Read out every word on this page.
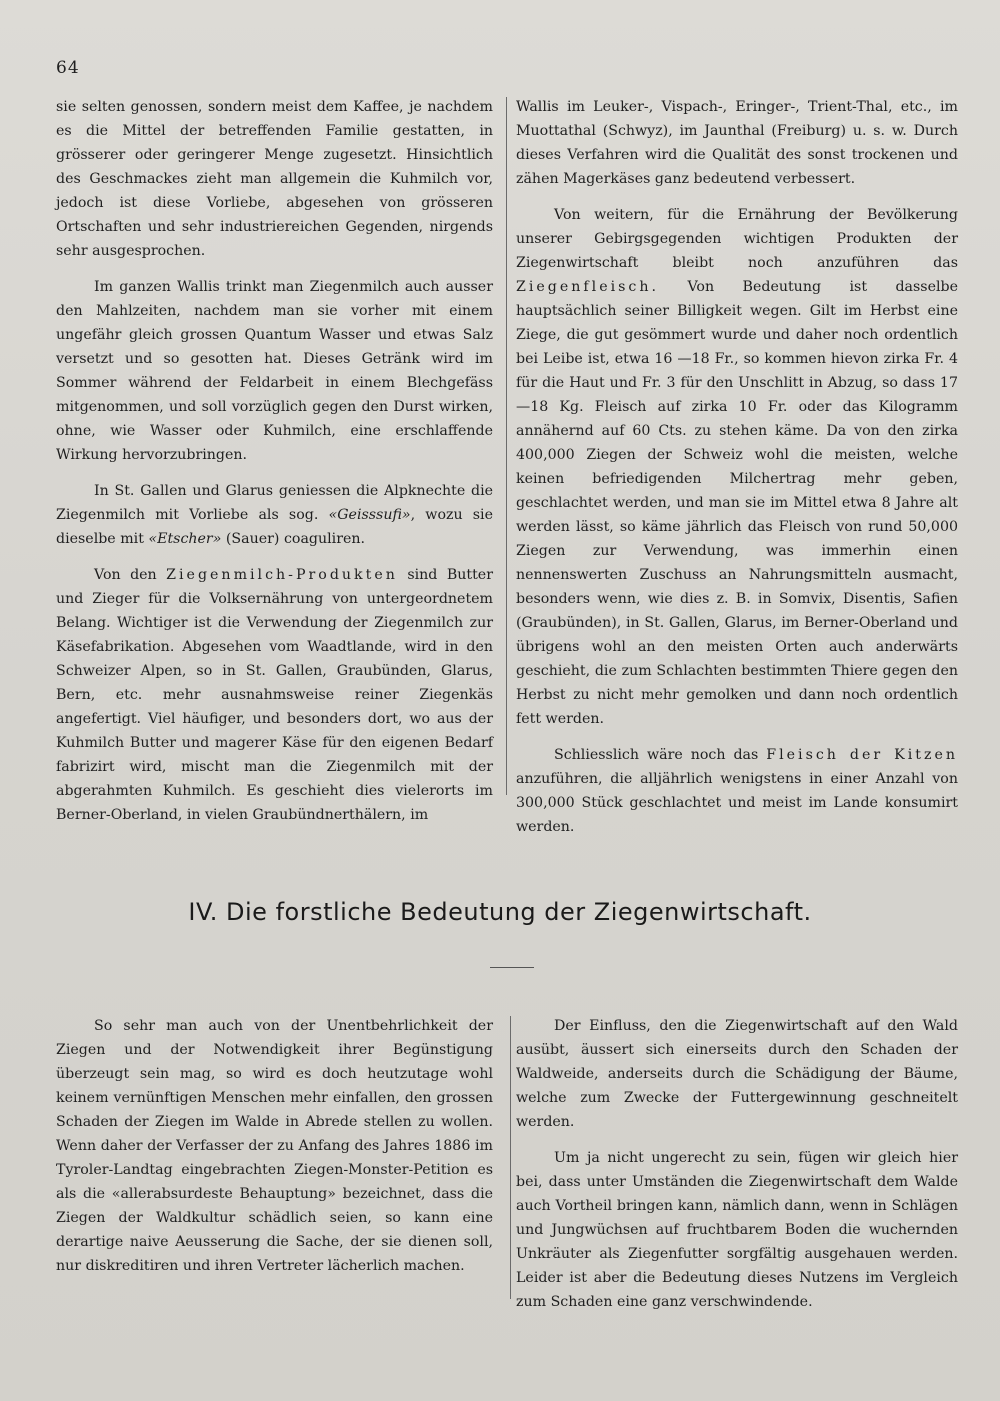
64

sie selten genossen, sondern meist dem Kaffee, je nachdem es die Mittel der betreffenden Familie gestatten, in grösserer oder geringerer Menge zugesetzt. Hinsichtlich des Geschmackes zieht man allgemein die Kuhmilch vor, jedoch ist diese Vorliebe, abgesehen von grösseren Ortschaften und sehr industriereichen Gegenden, nirgends sehr ausgesprochen.

Im ganzen Wallis trinkt man Ziegenmilch auch ausser den Mahlzeiten, nachdem man sie vorher mit einem ungefähr gleich grossen Quantum Wasser und etwas Salz versetzt und so gesotten hat. Dieses Getränk wird im Sommer während der Feldarbeit in einem Blechgefäss mitgenommen, und soll vorzüglich gegen den Durst wirken, ohne, wie Wasser oder Kuhmilch, eine erschlaffende Wirkung hervorzubringen.

In St. Gallen und Glarus geniessen die Alpknechte die Ziegenmilch mit Vorliebe als sog. «Geisssufi», wozu sie dieselbe mit «Etscher» (Sauer) coaguliren.

Von den Ziegenmilch-Produkten sind Butter und Zieger für die Volksernährung von untergeordnetem Belang. Wichtiger ist die Verwendung der Ziegenmilch zur Käsefabrikation. Abgesehen vom Waadtlande, wird in den Schweizer Alpen, so in St. Gallen, Graubünden, Glarus, Bern, etc. mehr ausnahmsweise reiner Ziegenkäs angefertigt. Viel häufiger, und besonders dort, wo aus der Kuhmilch Butter und magerer Käse für den eigenen Bedarf fabrizirt wird, mischt man die Ziegenmilch mit der abgerahmten Kuhmilch. Es geschieht dies vielerorts im Berner-Oberland, in vielen Graubündnerthälern, im

Wallis im Leuker-, Vispach-, Eringer-, Trient-Thal, etc., im Muottathal (Schwyz), im Jaunthal (Freiburg) u. s. w. Durch dieses Verfahren wird die Qualität des sonst trockenen und zähen Magerkäses ganz bedeutend verbessert.

Von weitern, für die Ernährung der Bevölkerung unserer Gebirgsgegenden wichtigen Produkten der Ziegenwirtschaft bleibt noch anzuführen das Ziegenfleisch. Von Bedeutung ist dasselbe hauptsächlich seiner Billigkeit wegen. Gilt im Herbst eine Ziege, die gut gesömmert wurde und daher noch ordentlich bei Leibe ist, etwa 16 —18 Fr., so kommen hievon zirka Fr. 4 für die Haut und Fr. 3 für den Unschlitt in Abzug, so dass 17—18 Kg. Fleisch auf zirka 10 Fr. oder das Kilogramm annähernd auf 60 Cts. zu stehen käme. Da von den zirka 400,000 Ziegen der Schweiz wohl die meisten, welche keinen befriedigenden Milchertrag mehr geben, geschlachtet werden, und man sie im Mittel etwa 8 Jahre alt werden lässt, so käme jährlich das Fleisch von rund 50,000 Ziegen zur Verwendung, was immerhin einen nennenswerten Zuschuss an Nahrungsmitteln ausmacht, besonders wenn, wie dies z. B. in Somvix, Disentis, Safien (Graubünden), in St. Gallen, Glarus, im Berner-Oberland und übrigens wohl an den meisten Orten auch anderwärts geschieht, die zum Schlachten bestimmten Thiere gegen den Herbst zu nicht mehr gemolken und dann noch ordentlich fett werden.

Schliesslich wäre noch das Fleisch der Kitzen anzuführen, die alljährlich wenigstens in einer Anzahl von 300,000 Stück geschlachtet und meist im Lande konsumirt werden.

IV. Die forstliche Bedeutung der Ziegenwirtschaft.

So sehr man auch von der Unentbehrlichkeit der Ziegen und der Notwendigkeit ihrer Begünstigung überzeugt sein mag, so wird es doch heutzutage wohl keinem vernünftigen Menschen mehr einfallen, den grossen Schaden der Ziegen im Walde in Abrede stellen zu wollen. Wenn daher der Verfasser der zu Anfang des Jahres 1886 im Tyroler-Landtag eingebrachten Ziegen-Monster-Petition es als die «allerabsurdeste Behauptung» bezeichnet, dass die Ziegen der Waldkultur schädlich seien, so kann eine derartige naive Aeusserung die Sache, der sie dienen soll, nur diskreditiren und ihren Vertreter lächerlich machen.

Der Einfluss, den die Ziegenwirtschaft auf den Wald ausübt, äussert sich einerseits durch den Schaden der Waldweide, anderseits durch die Schädigung der Bäume, welche zum Zwecke der Futtergewinnung geschneitelt werden.

Um ja nicht ungerecht zu sein, fügen wir gleich hier bei, dass unter Umständen die Ziegenwirtschaft dem Walde auch Vortheil bringen kann, nämlich dann, wenn in Schlägen und Jungwüchsen auf fruchtbarem Boden die wuchernden Unkräuter als Ziegenfutter sorgfältig ausgehauen werden. Leider ist aber die Bedeutung dieses Nutzens im Vergleich zum Schaden eine ganz verschwindende.
